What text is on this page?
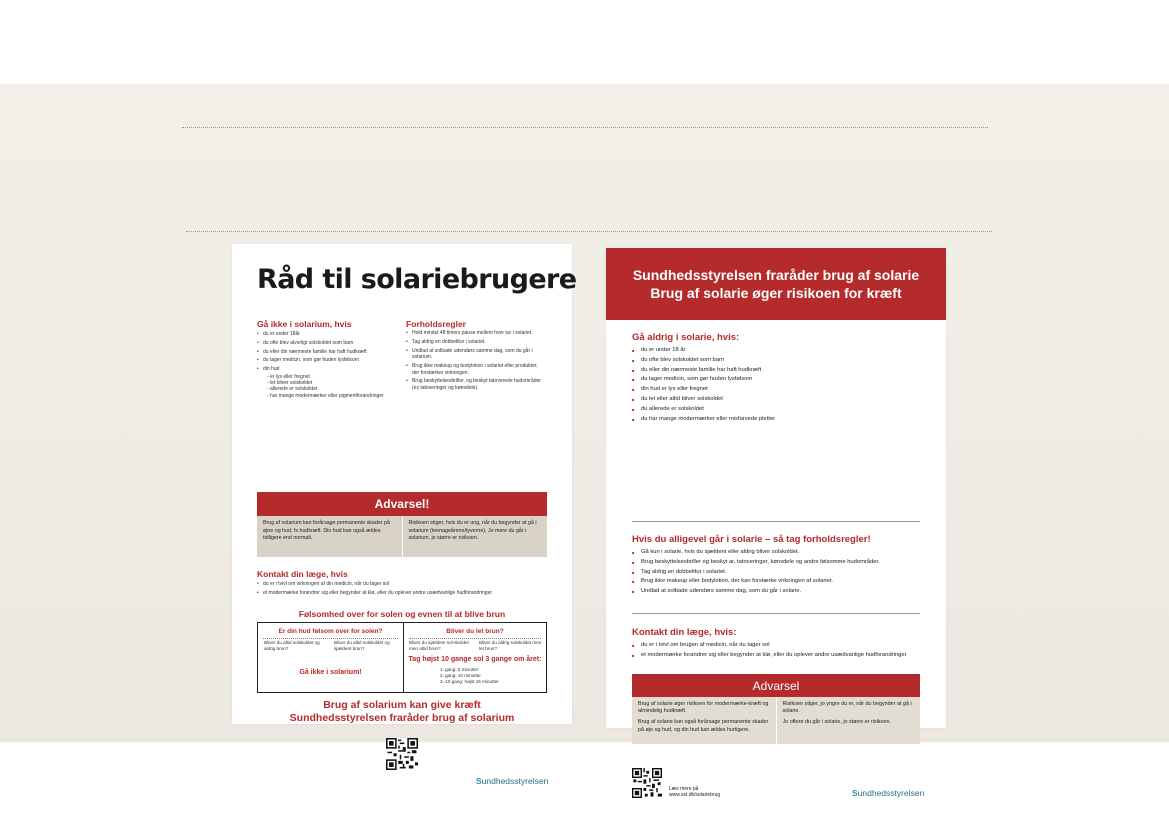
Råd til solariebrugere
Gå ikke i solarium, hvis
• du er under 18år
• du ofte blev alvorligt solskoldet som barn
• du eller din nærmeste familie har haft hudkræft
• du tager medicin, som gør huden lysfølsom
• din hud
- er lys eller fregnet
- let bliver solskoldet
- allerede er solskoldet
- har mange modermærker eller pigmentforandringer
Forholdsregler
• Hold mindst 48 timers pause mellem hver tur i solariet.
• Tag aldrig en dobbelttur i solariet.
• Undlad at solbade udendørs samme dag, som du går i solarium.
• Brug ikke makeup og bodylotion i solariet eller produkter, der forstærker virkningen.
• Brug beskyttelsesbriller, og beskyt tatoverede hudområder (ex tatoveringer og kønsdele).
Advarsel!
Brug af solarium kan forårsage permanente skader på øjne og hud, fx hudkræft. Din hud kan også ældes tidligere end normalt.
Risikoen stiger, hvis du er ung, når du begynder at gå i solarium (teenageårene/tyverne). Jo mere du går i solarium, jo større er risikoen.
Kontakt din læge, hvis
• du er i tvivl om virkningen af din medicin, når du tager sol
• et modermærke forandrer sig eller begynder at klø, eller du oplever andre usædvanlige hudforandringer
Følsomhed over for solen og evnen til at blive brun
Er din hud følsom over for solen?
Bliver du altid solskoldet og aldrig brun?
Bliver du altid solskoldet og sjældent brun?
Gå ikke i solarium!
Bliver du let brun?
Bliver du sjældent sol-skoldet men altid brun?
Bliver du aldrig solskoldet men let brun?
Tag højst 10 gange sol 3 gange om året:
1. gang: 5 minutter
2. gang: 10 minutter
3.-10 gang: højst 15 minutter
Brug af solarium kan give kræft
Sundhedsstyrelsen fraråder brug af solarium
Sundhedsstyrelsen
Sundhedsstyrelsen fraråder brug af solarie
Brug af solarie øger risikoen for kræft
Gå aldrig i solarie, hvis:
■ du er under 18 år
■ du ofte blev solskoldet som barn
■ du eller din nærmeste familie har haft hudkræft
■ du tager medicin, som gør huden lysfølsom
■ din hud er lys eller fregnet
■ du let eller altid bliver solskoldet
■ du allerede er solskoldet
■ du har mange modermærker eller misfarvede pletter
Hvis du alligevel går i solarie – så tag forholdsregler!
■ Gå kun i solarie, hvis du sjældent eller aldrig bliver solskoldet.
■ Brug beskyttelsesbriller og beskyt ar, tatoveringer, kønsdele og andre følsomme hudområder.
■ Tag aldrig en dobbelttur i solariet.
■ Brug ikke makeup eller bodylotion, der kan forstærke virkningen af solariet.
■ Undlad at solbade udendørs samme dag, som du går i solarie.
Kontakt din læge, hvis:
■ du er i tvivl om brugen af medicin, når du tager sol
■ et modermærke forandrer sig eller begynder at klø, eller du oplever andre usædvanlige hudforandringer
Advarsel

Brug af solarie øger risikoen for modermærke-kræft og almindelig hudkræft.

Brug af solarie kan også forårsage permanente skader på øje og hud, og din hud kan ældes hurtigere.

Risikoen stiger, jo yngre du er, når du begynder at gå i solarie.

Jo oftere du går i solarie, jo større er risikoen.

Læs mere på
www.sst.dk/solariebrug	Sundhedsstyrelsen
